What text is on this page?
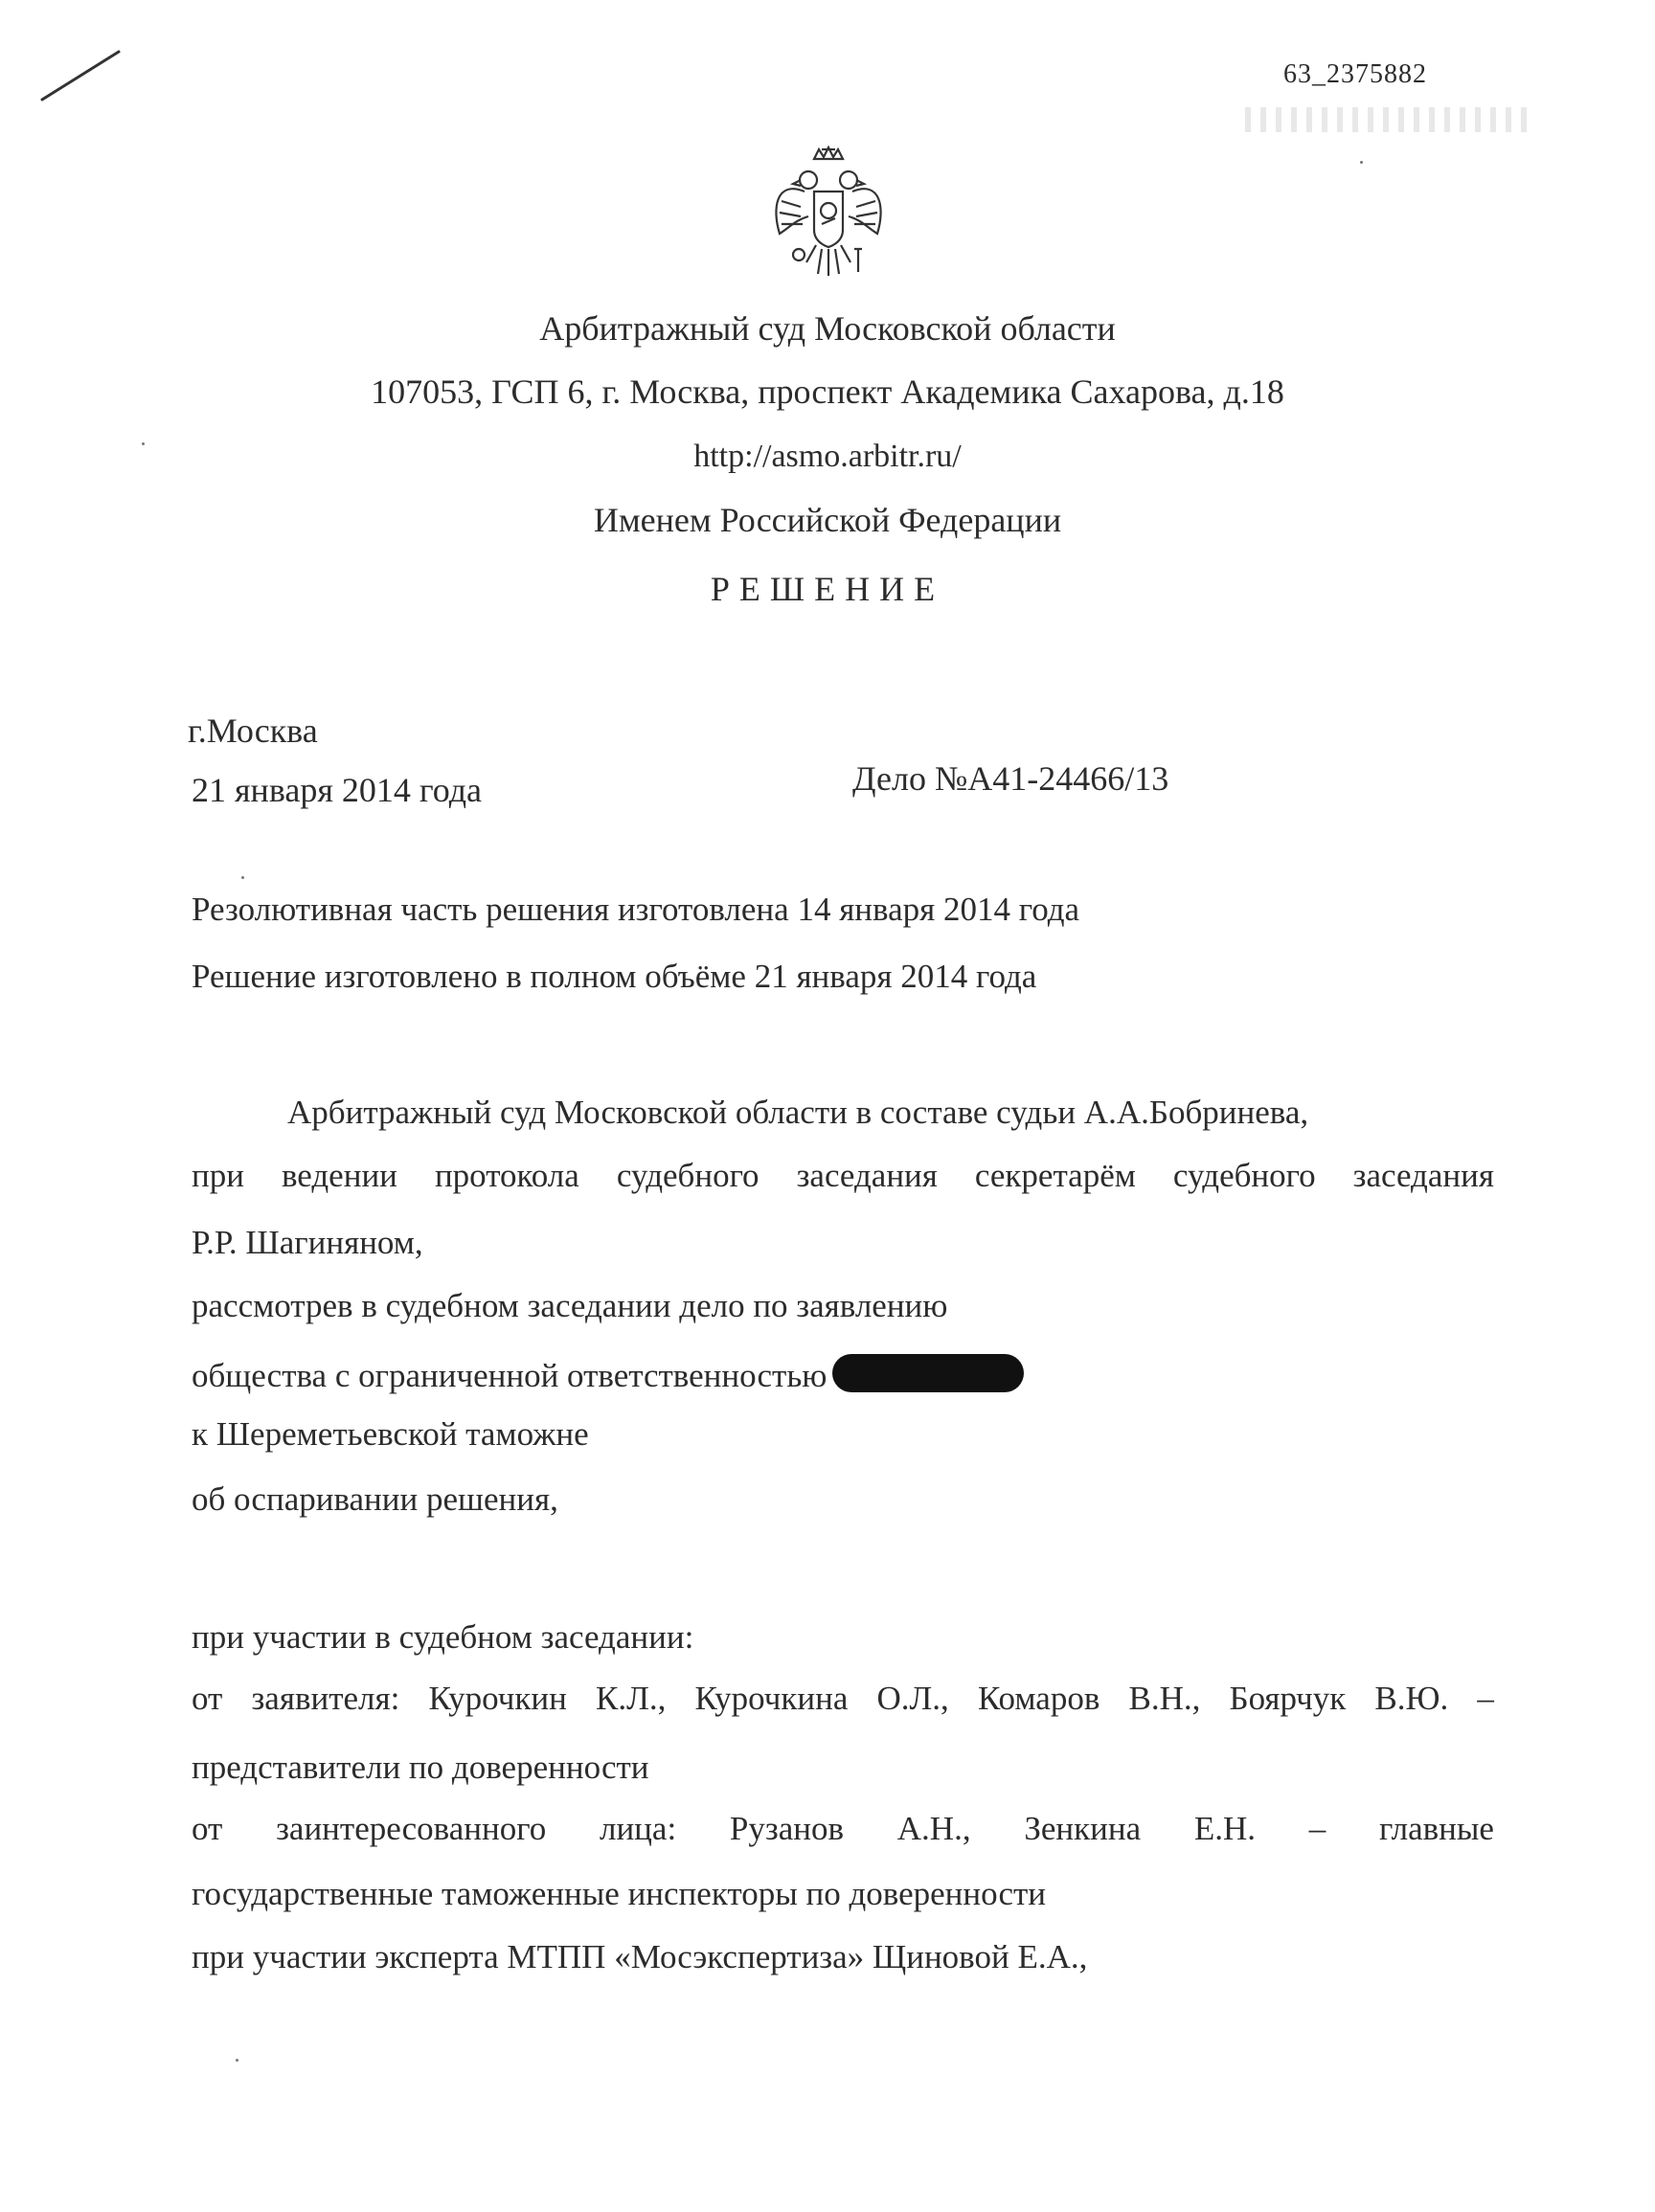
63_2375882
Арбитражный суд Московской области
107053, ГСП 6, г. Москва, проспект Академика Сахарова, д.18
http://asmo.arbitr.ru/
Именем Российской Федерации
РЕШЕНИЕ
г.Москва
21 января 2014 года	Дело №А41-24466/13
Резолютивная часть решения изготовлена 14 января 2014 года
Решение изготовлено в полном объёме 21 января 2014 года
Арбитражный суд Московской области в составе судьи А.А.Бобринева,
при ведении протокола судебного заседания секретарём судебного заседания
Р.Р. Шагиняном,
рассмотрев в судебном заседании дело по заявлению
общества с ограниченной ответственностью
к Шереметьевской таможне
об оспаривании решения,
при участии в судебном заседании:
от заявителя: Курочкин К.Л., Курочкина О.Л., Комаров В.Н., Боярчук В.Ю. –
представители по доверенности
от заинтересованного лица: Рузанов А.Н., Зенкина Е.Н. – главные
государственные таможенные инспекторы по доверенности
при участии эксперта МТПП «Мосэкспертиза» Щиновой Е.А.,
